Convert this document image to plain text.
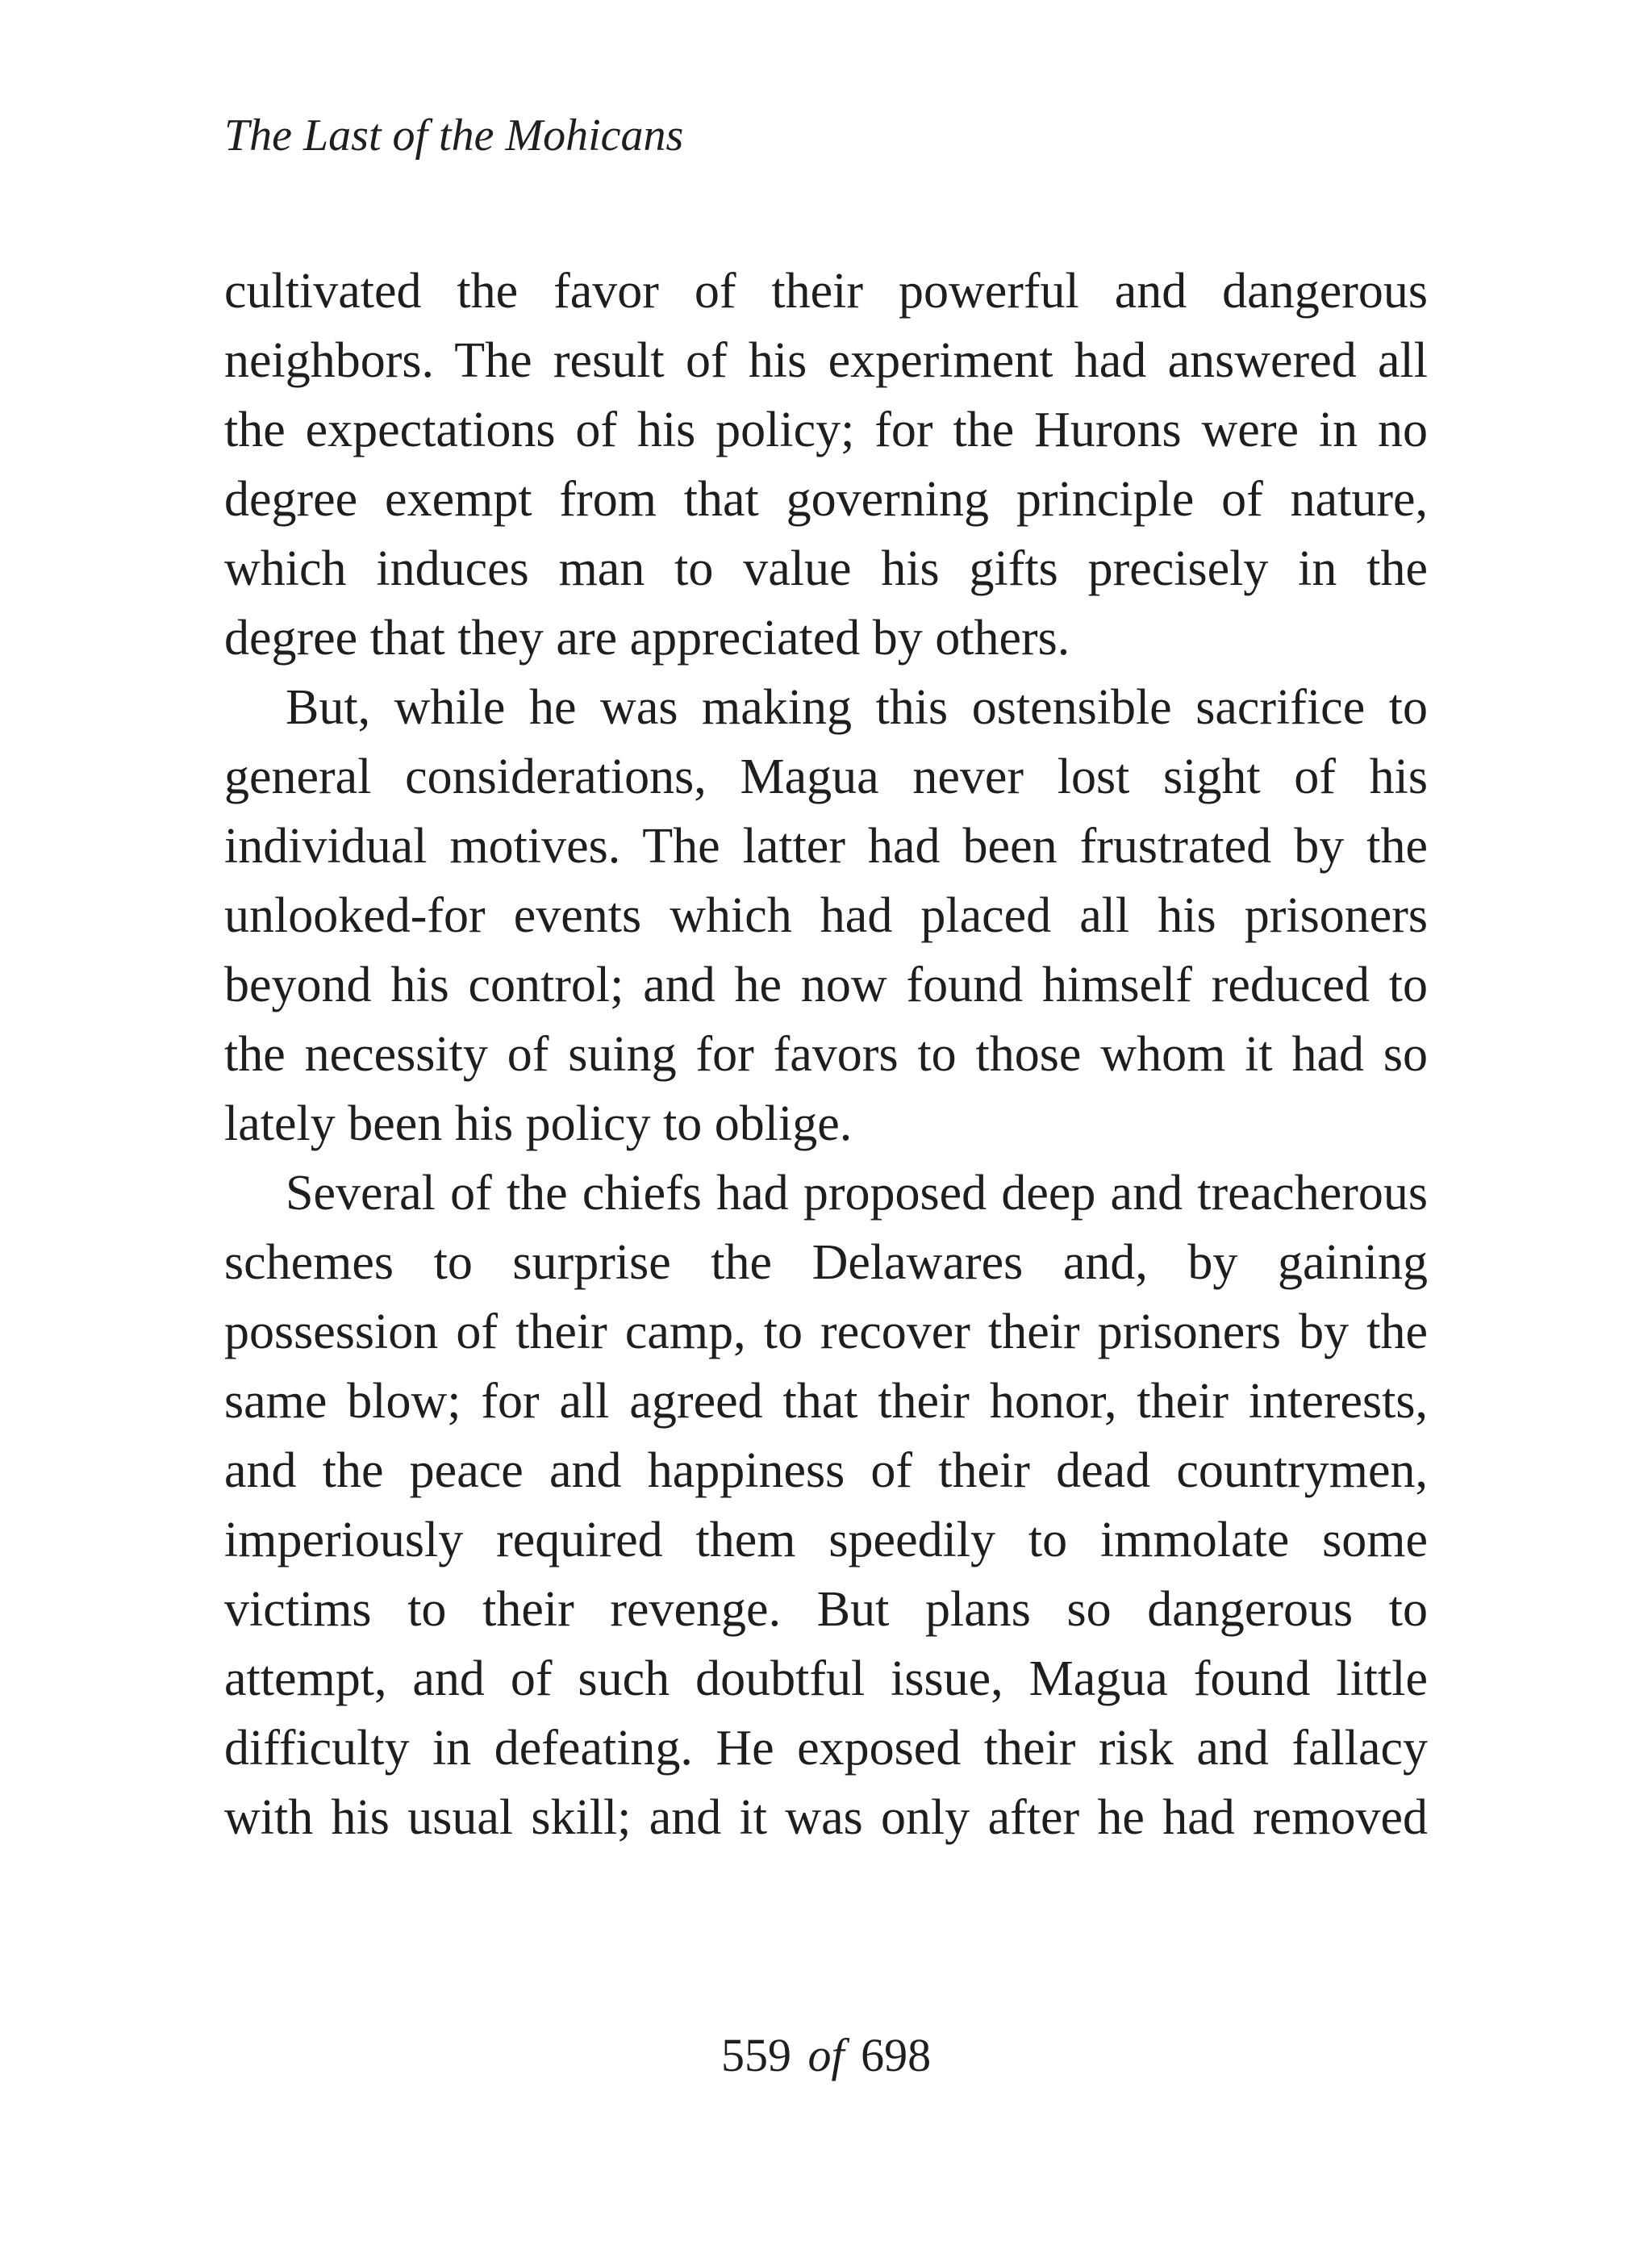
The Last of the Mohicans
cultivated the favor of their powerful and dangerous
neighbors. The result of his experiment had answered all
the expectations of his policy; for the Hurons were in no
degree exempt from that governing principle of nature,
which induces man to value his gifts precisely in the
degree that they are appreciated by others.
But, while he was making this ostensible sacrifice to
general considerations, Magua never lost sight of his
individual motives. The latter had been frustrated by the
unlooked-for events which had placed all his prisoners
beyond his control; and he now found himself reduced to
the necessity of suing for favors to those whom it had so
lately been his policy to oblige.
Several of the chiefs had proposed deep and treacherous
schemes to surprise the Delawares and, by gaining
possession of their camp, to recover their prisoners by the
same blow; for all agreed that their honor, their interests,
and the peace and happiness of their dead countrymen,
imperiously required them speedily to immolate some
victims to their revenge. But plans so dangerous to
attempt, and of such doubtful issue, Magua found little
difficulty in defeating. He exposed their risk and fallacy
with his usual skill; and it was only after he had removed
559 of 698
